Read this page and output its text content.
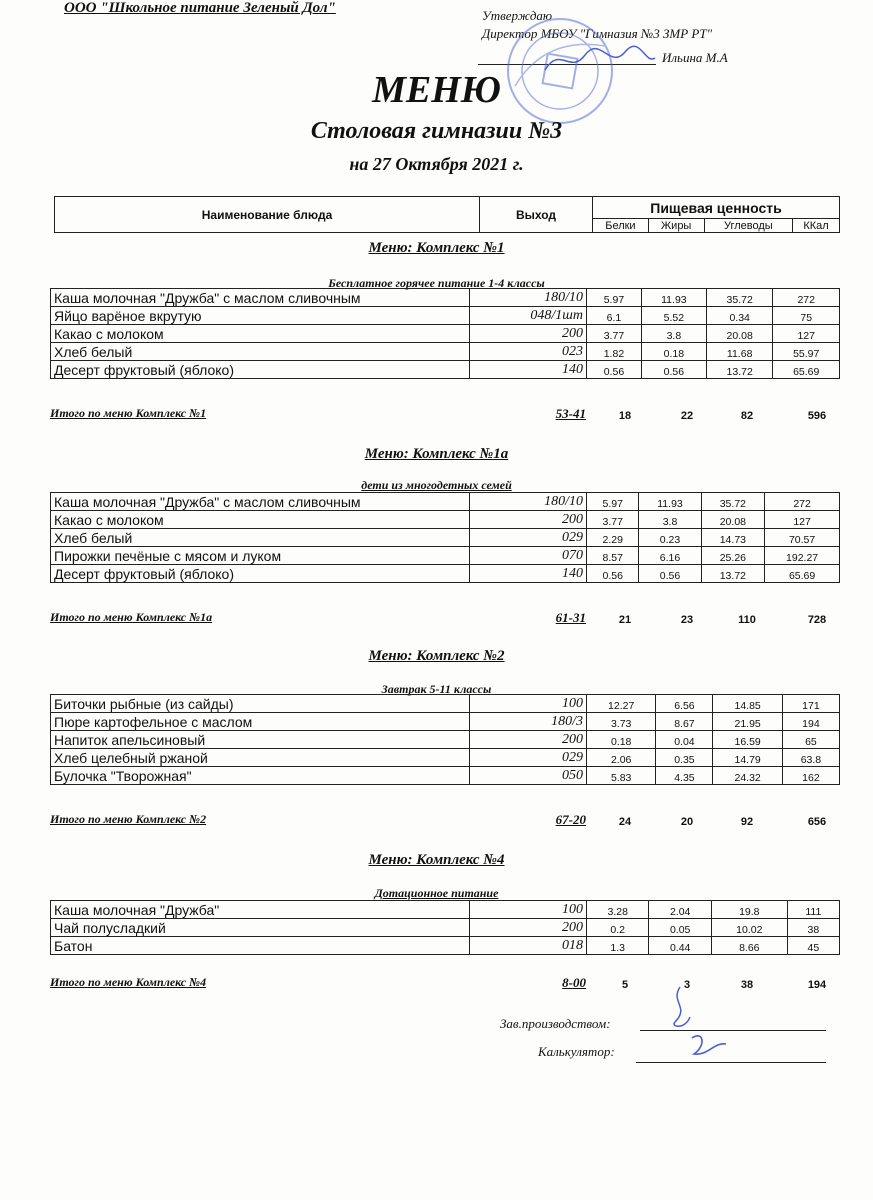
ООО "Школьное питание Зеленый Дол"	Утверждаю
Директор МБОУ "Гимназия №3 ЗМР РТ"
Ильина М.А
МЕНЮ
Столовая гимназии №3
на 27 Октября 2021 г.
Наименование блюда	Выход	Пищевая ценность			
		Белки	Жиры	Углеводы	ККал
Меню: Комплекс №1
Бесплатное горячее питание 1-4 классы
Каша молочная "Дружба" с маслом сливочным	180/10	5.97	11.93	35.72	272
Яйцо варёное вкрутую	048/1шт	6.1	5.52	0.34	75
Какао с молоком	200	3.77	3.8	20.08	127
Хлеб белый	023	1.82	0.18	11.68	55.97
Десерт фруктовый (яблоко)	140	0.56	0.56	13.72	65.69
Итого по меню Комплекс №1	53-41	18	22	82	596
Меню: Комплекс №1а
дети из многодетных семей
Каша молочная "Дружба" с маслом сливочным	180/10	5.97	11.93	35.72	272
Какао с молоком	200	3.77	3.8	20.08	127
Хлеб белый	029	2.29	0.23	14.73	70.57
Пирожки печёные с мясом и луком	070	8.57	6.16	25.26	192.27
Десерт фруктовый (яблоко)	140	0.56	0.56	13.72	65.69
Итого по меню Комплекс №1а	61-31	21	23	110	728
Меню: Комплекс №2
Завтрак 5-11 классы
Биточки рыбные (из сайды)	100	12.27	6.56	14.85	171
Пюре картофельное с маслом	180/3	3.73	8.67	21.95	194
Напиток апельсиновый	200	0.18	0.04	16.59	65
Хлеб целебный ржаной	029	2.06	0.35	14.79	63.8
Булочка "Творожная"	050	5.83	4.35	24.32	162
Итого по меню Комплекс №2	67-20	24	20	92	656
Меню: Комплекс №4
Дотационное питание
Каша молочная "Дружба"	100	3.28	2.04	19.8	111
Чай полусладкий	200	0.2	0.05	10.02	38
Батон	018	1.3	0.44	8.66	45
Итого по меню Комплекс №4	8-00	5	3	38	194
Зав.производством:
Калькулятор:
